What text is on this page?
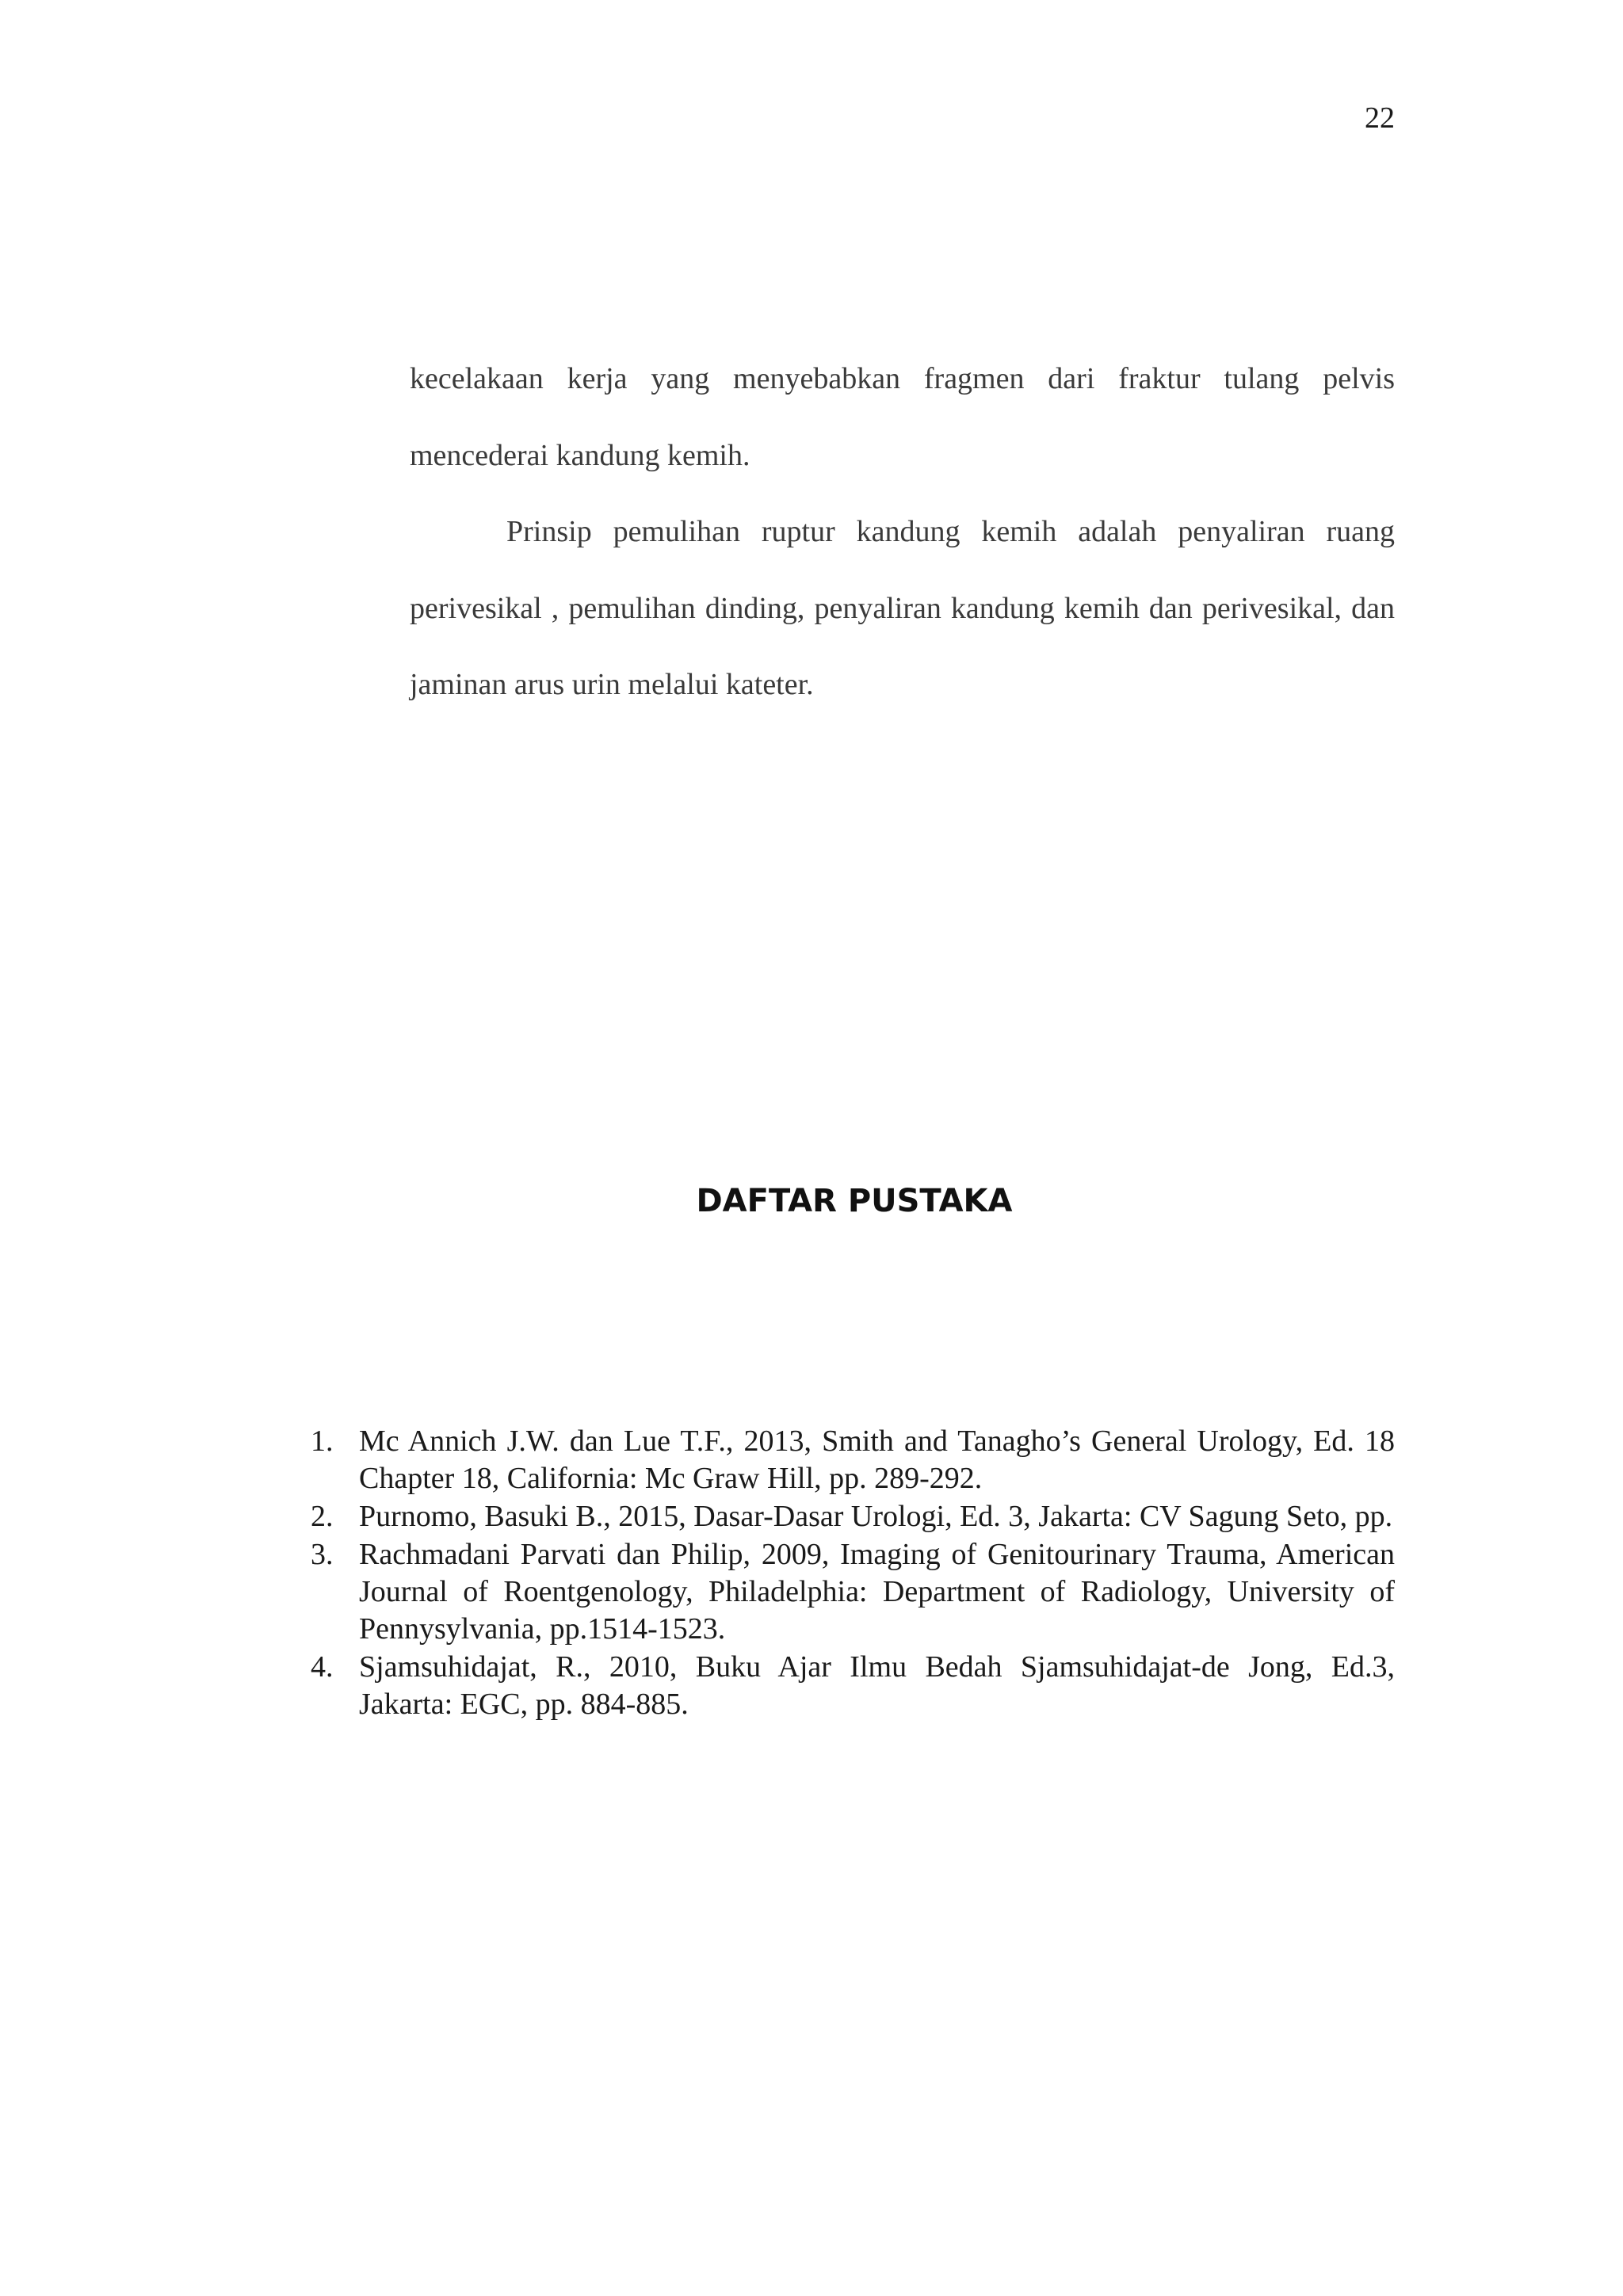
22

kecelakaan kerja yang menyebabkan fragmen dari fraktur tulang pelvis mencederai kandung kemih.

Prinsip pemulihan ruptur kandung kemih adalah penyaliran ruang perivesikal , pemulihan dinding, penyaliran kandung kemih dan perivesikal, dan jaminan arus urin melalui kateter.

DAFTAR PUSTAKA
1. Mc Annich J.W. dan Lue T.F., 2013, Smith and Tanagho’s General Urology, Ed. 18 Chapter 18, California: Mc Graw Hill, pp. 289-292.
2. Purnomo, Basuki B., 2015, Dasar-Dasar Urologi, Ed. 3, Jakarta: CV Sagung Seto, pp.
3. Rachmadani Parvati dan Philip, 2009, Imaging of Genitourinary Trauma, American Journal of Roentgenology, Philadelphia: Department of Radiology, University of Pennysylvania, pp.1514-1523.
4. Sjamsuhidajat, R., 2010, Buku Ajar Ilmu Bedah Sjamsuhidajat-de Jong, Ed.3, Jakarta: EGC, pp. 884-885.
